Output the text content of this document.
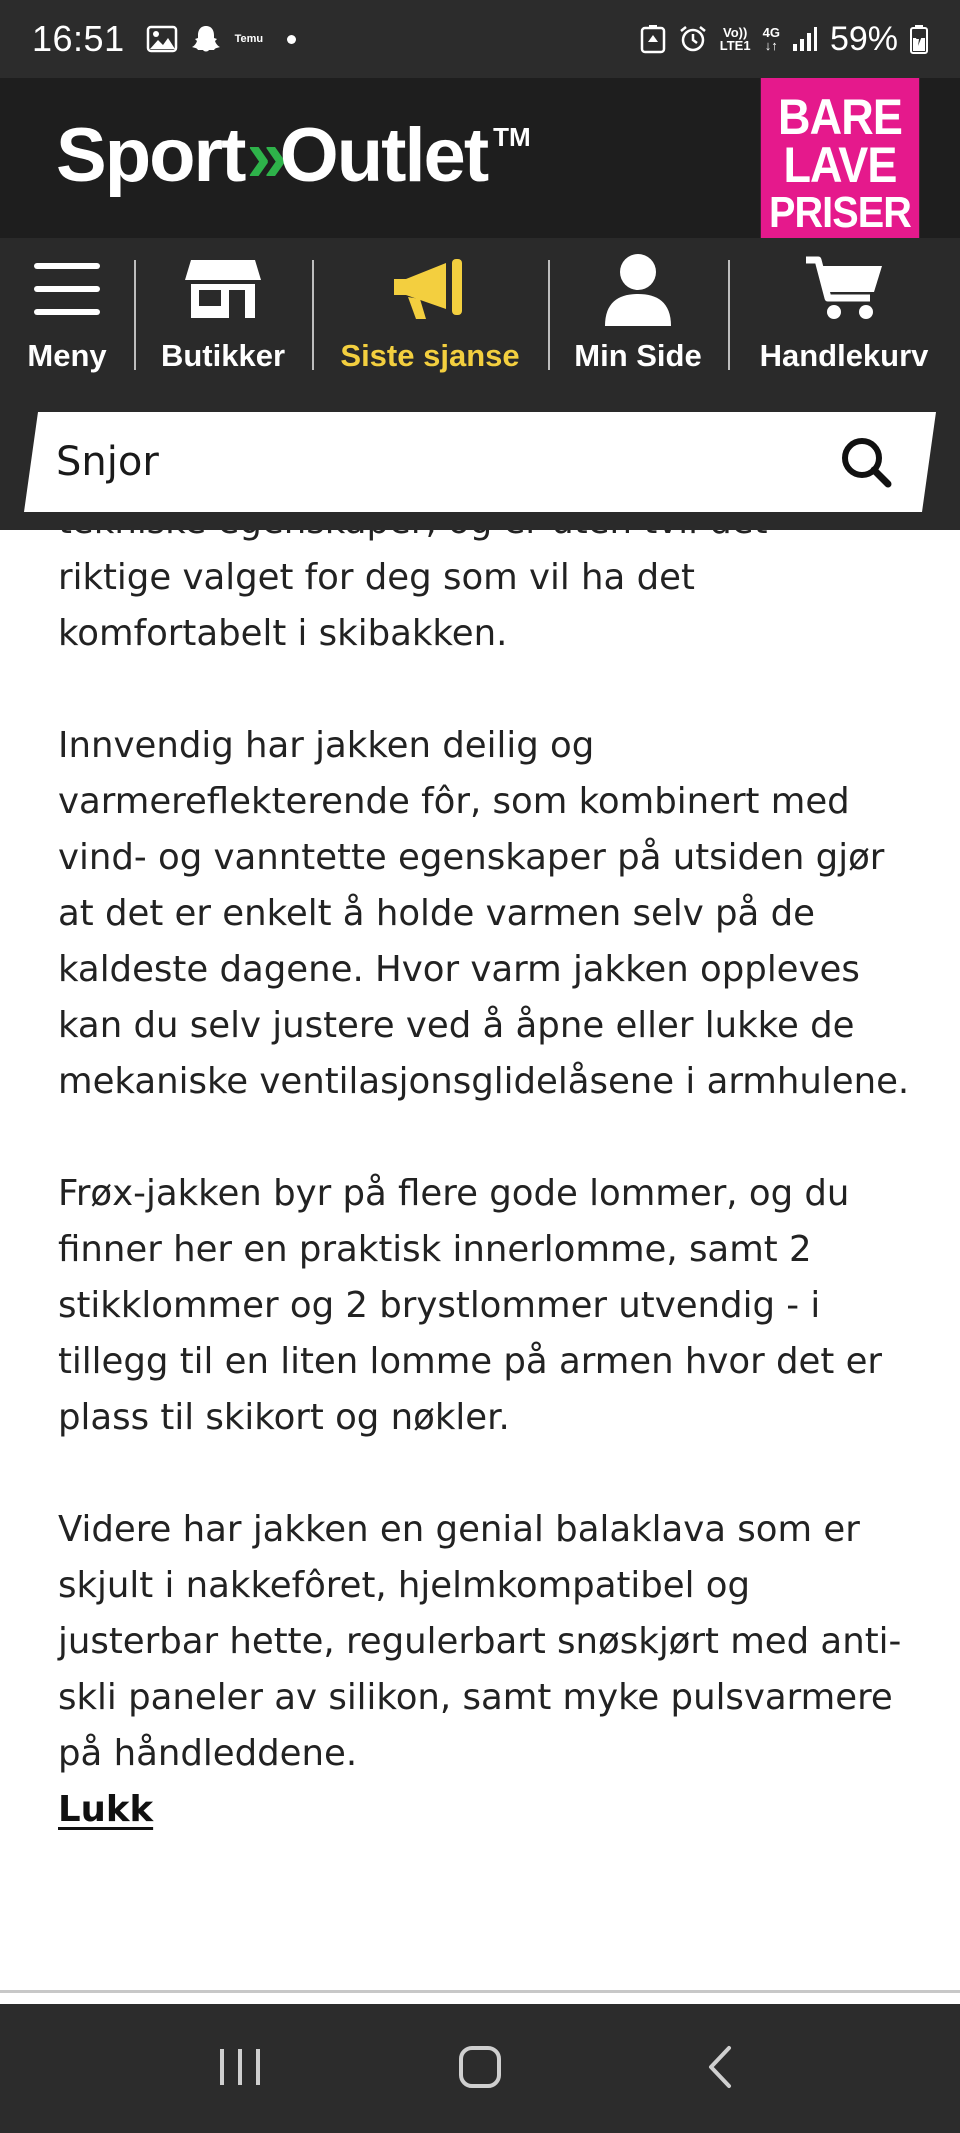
16:51	Temu	Vo))
LTE1
4G
↓↑ 59%
Sport » Outlet TM	BARE
LAVE
PRISER
Meny Butikker Siste sjanse Min Side Handlekurv

riktige valget for deg som vil ha det komfortabelt i skibakken.

Innvendig har jakken deilig og varmereflekterende fôr, som kombinert med vind- og vanntette egenskaper på utsiden gjør at det er enkelt å holde varmen selv på de kaldeste dagene. Hvor varm jakken oppleves kan du selv justere ved å åpne eller lukke de mekaniske ventilasjonsglidelåsene i armhulene.

Frøx-jakken byr på flere gode lommer, og du finner her en praktisk innerlomme, samt 2 stikklommer og 2 brystlommer utvendig - i tillegg til en liten lomme på armen hvor det er plass til skikort og nøkler.

Videre har jakken en genial balaklava som er skjult i nakkefôret, hjelmkompatibel og justerbar hette, regulerbart snøskjørt med anti-skli paneler av silikon, samt myke pulsvarmere på håndleddene.

Lukk
Snjor
